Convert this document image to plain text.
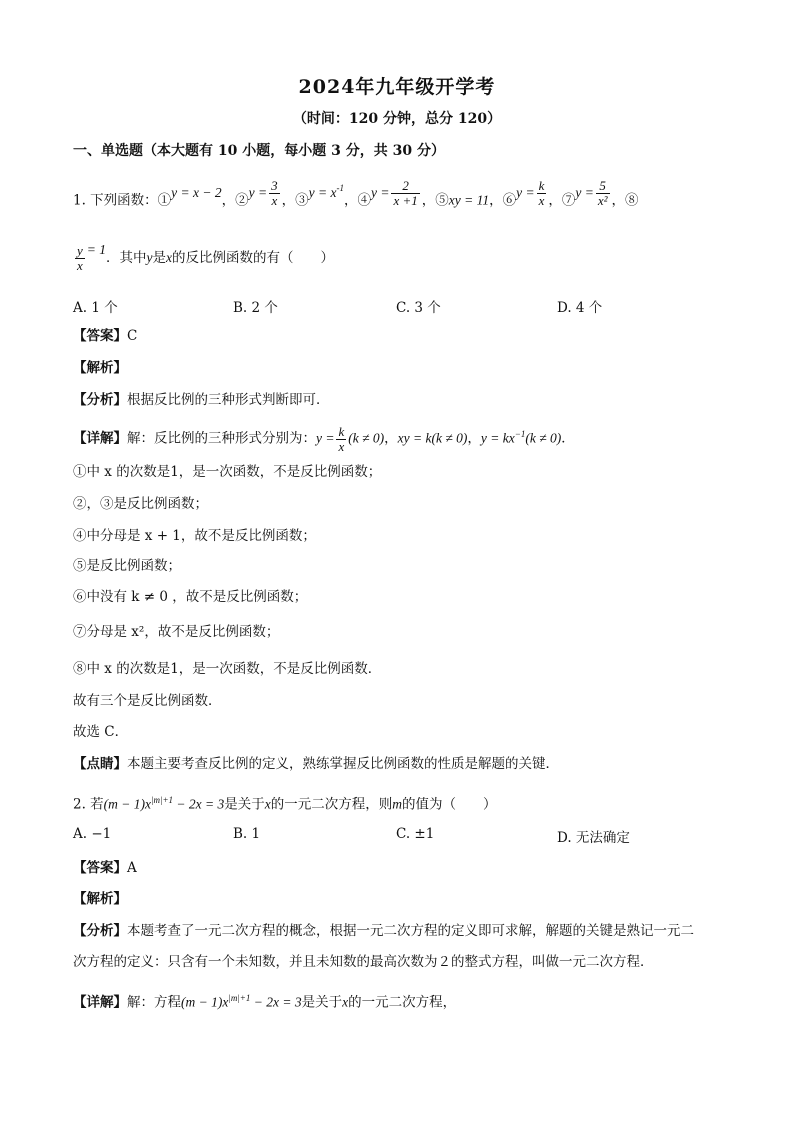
2024年九年级开学考
（时间：120 分钟，总分 120）
一、单选题（本大题有 10 小题，每小题 3 分，共 30 分）
1. 下列函数：①y = x − 2，②y = $\frac{3}{x}$ ，③y = $x^{-1}$，④y = $\frac{2}{x +1}$ ，⑤xy = 11，⑥y = $\frac{k}{x}$ ，⑦y = $\frac{5}{\text{x²}}$ ，⑧
$\frac{y}{x} = 1$．其中y是x的反比例函数的有（　　）
A. 1 个	B. 2 个	C. 3 个	D. 4 个
【答案】C
【解析】
【分析】根据反比例的三种形式判断即可．
【详解】解：反比例的三种形式分别为：$y = \frac{k}{x} (k \ne 0)$，xy = k(k ≠ 0)，$y = kx^{-1}(k \ne 0)$．
①中 x 的次数是1，是一次函数，不是反比例函数；
②，③是反比例函数；
④中分母是 x + 1，故不是反比例函数；
⑤是反比例函数；
⑥中没有 k ≠ 0 ，故不是反比例函数；
⑦分母是 x²，故不是反比例函数；
⑧中 x 的次数是1，是一次函数，不是反比例函数．
故有三个是反比例函数．
故选 C．
【点睛】本题主要考查反比例的定义，熟练掌握反比例函数的性质是解题的关键．
2. 若$(m - 1)x^{|m|+1} - 2x = 3$是关于x的一元二次方程，则m的值为（　　）
A. −1	B. 1	C. ±1	D. 无法确定
【答案】A
【解析】
【分析】本题考查了一元二次方程的概念，根据一元二次方程的定义即可求解，解题的关键是熟记一元二
次方程的定义：只含有一个未知数，并且未知数的最高次数为２的整式方程，叫做一元二次方程．
【详解】解：方程$(m - 1)x^{|m|+1} - 2x = 3$是关于x的一元二次方程，
